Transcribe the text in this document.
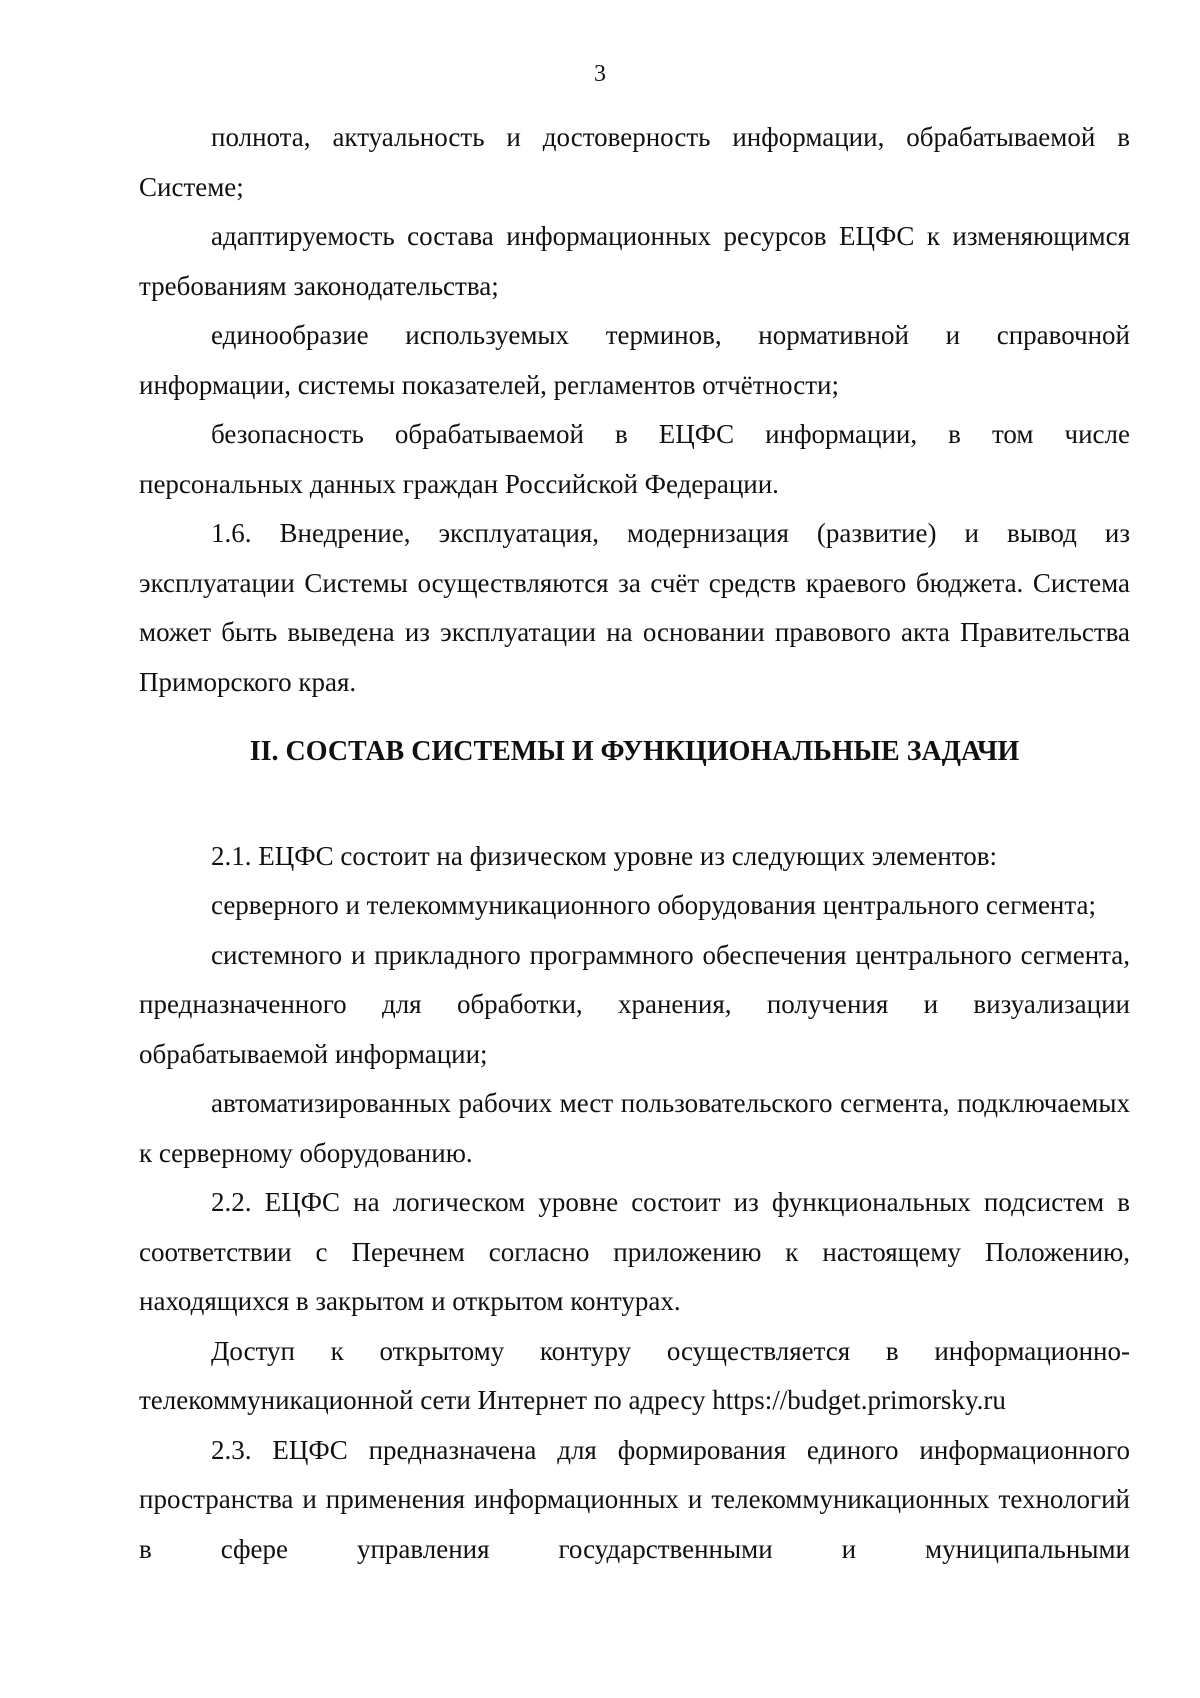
3

полнота, актуальность и достоверность информации, обрабатываемой в Системе;

адаптируемость состава информационных ресурсов ЕЦФС к изменяющимся требованиям законодательства;

единообразие используемых терминов, нормативной и справочной информации, системы показателей, регламентов отчётности;

безопасность обрабатываемой в ЕЦФС информации, в том числе персональных данных граждан Российской Федерации.

1.6. Внедрение, эксплуатация, модернизация (развитие) и вывод из эксплуатации Системы осуществляются за счёт средств краевого бюджета. Система может быть выведена из эксплуатации на основании правового акта Правительства Приморского края.

II. СОСТАВ СИСТЕМЫ И ФУНКЦИОНАЛЬНЫЕ ЗАДАЧИ

2.1. ЕЦФС состоит на физическом уровне из следующих элементов:

серверного и телекоммуникационного оборудования центрального сегмента;

системного и прикладного программного обеспечения центрального сегмента, предназначенного для обработки, хранения, получения и визуализации обрабатываемой информации;

автоматизированных рабочих мест пользовательского сегмента, подключаемых к серверному оборудованию.

2.2. ЕЦФС на логическом уровне состоит из функциональных подсистем в соответствии с Перечнем согласно приложению к настоящему Положению, находящихся в закрытом и открытом контурах.

Доступ к открытому контуру осуществляется в информационно-телекоммуникационной сети Интернет по адресу https://budget.primorsky.ru

2.3. ЕЦФС предназначена для формирования единого информационного пространства и применения информационных и телекоммуникационных технологий в сфере управления государственными и муниципальными
